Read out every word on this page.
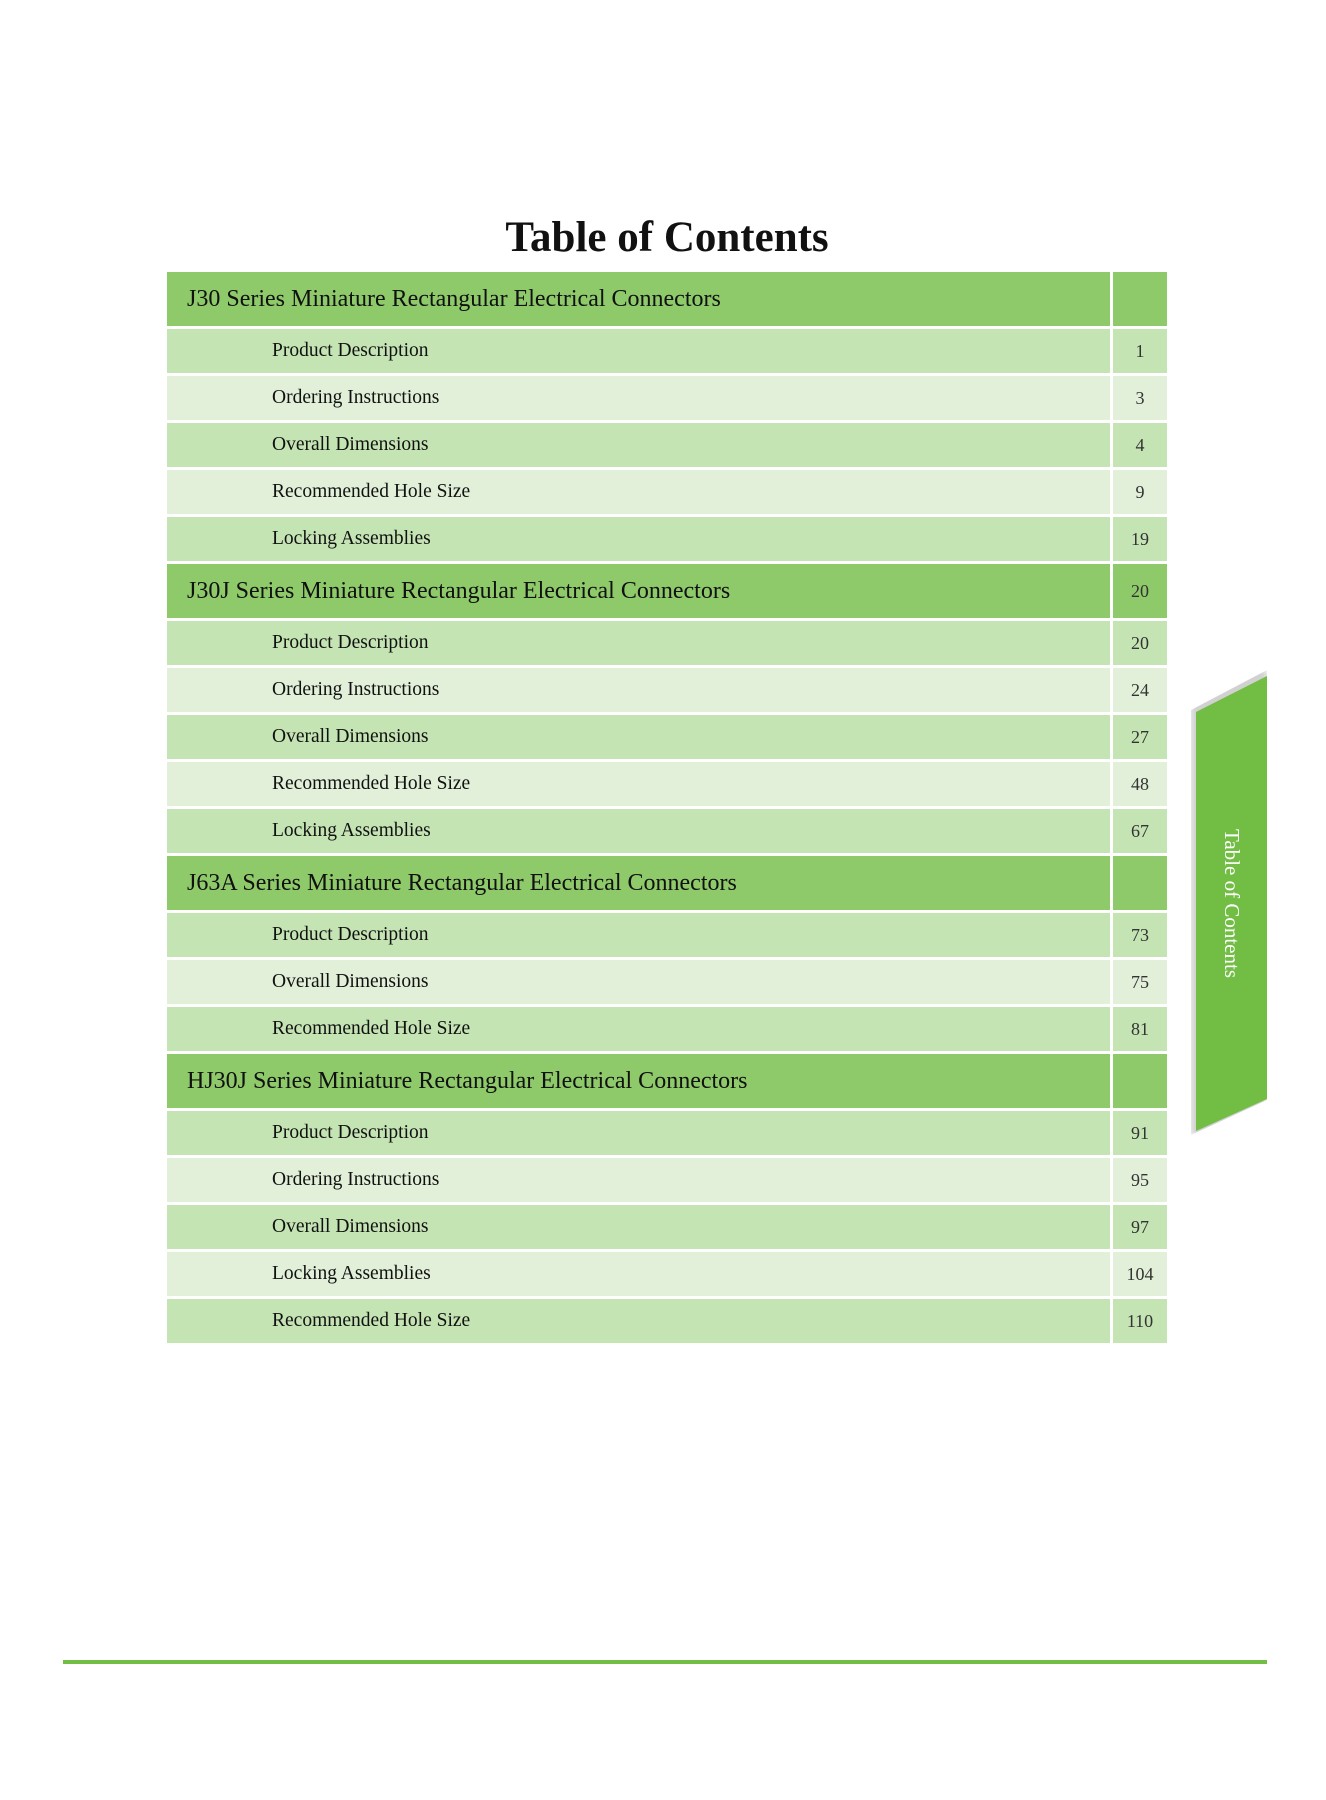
Table of Contents
J30 Series Miniature Rectangular Electrical Connectors
Product Description	1
Ordering Instructions	3
Overall Dimensions	4
Recommended Hole Size	9
Locking Assemblies	19
J30J Series Miniature Rectangular Electrical Connectors	20
Product Description	20
Ordering Instructions	24
Overall Dimensions	27
Recommended Hole Size	48
Locking Assemblies	67
J63A Series Miniature Rectangular Electrical Connectors
Product Description	73
Overall Dimensions	75
Recommended Hole Size	81
HJ30J Series Miniature Rectangular Electrical Connectors
Product Description	91
Ordering Instructions	95
Overall Dimensions	97
Locking Assemblies	104
Recommended Hole Size	110
Table of Contents
